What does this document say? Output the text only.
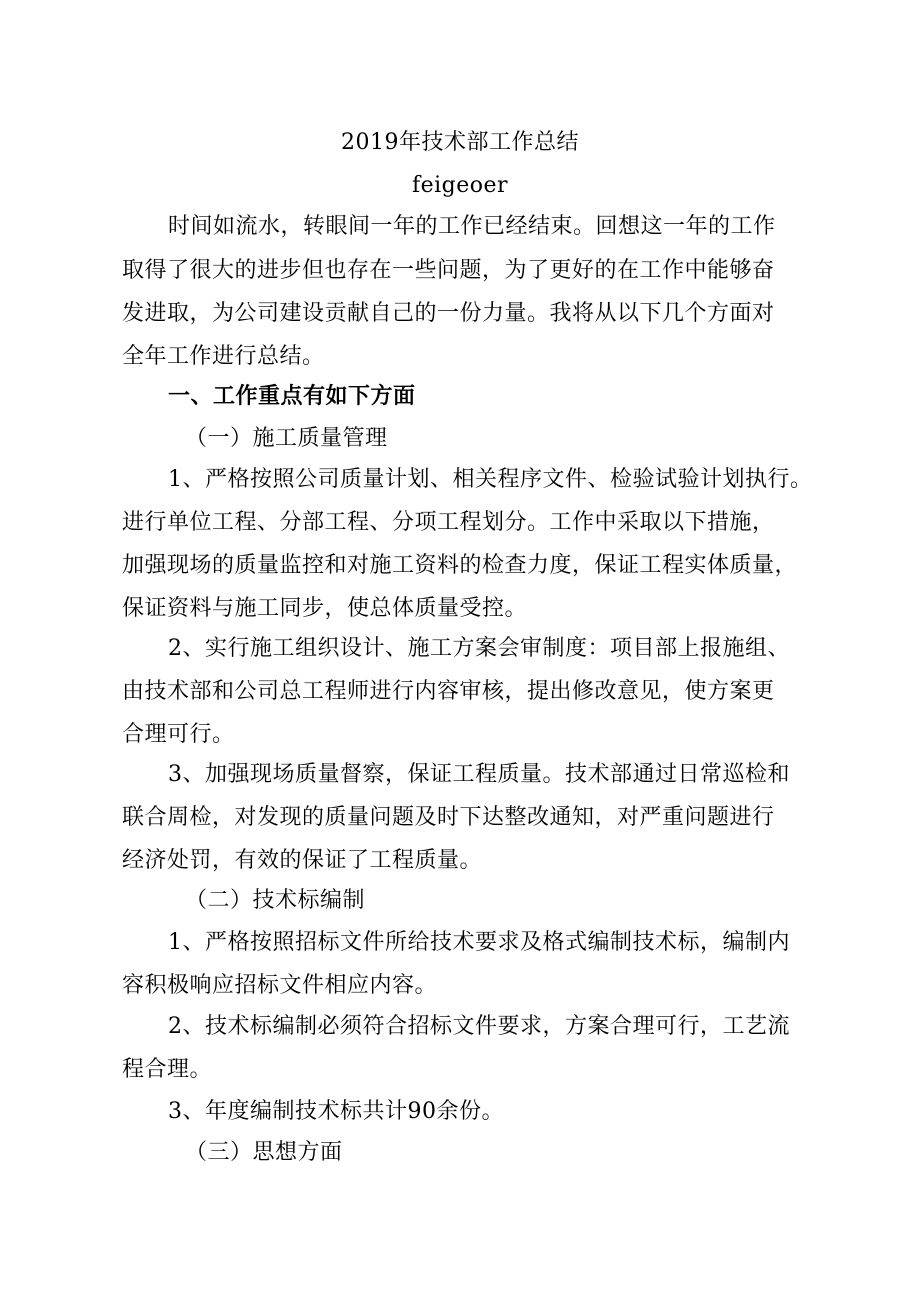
2019年技术部工作总结

feigeoer

时间如流水，转眼间一年的工作已经结束。回想这一年的工作

取得了很大的进步但也存在一些问题，为了更好的在工作中能够奋

发进取，为公司建设贡献自己的一份力量。我将从以下几个方面对

全年工作进行总结。

一、工作重点有如下方面

（一）施工质量管理

1、严格按照公司质量计划、相关程序文件、检验试验计划执行。

进行单位工程、分部工程、分项工程划分。工作中采取以下措施，

加强现场的质量监控和对施工资料的检查力度，保证工程实体质量，

保证资料与施工同步，使总体质量受控。

2、实行施工组织设计、施工方案会审制度：项目部上报施组、

由技术部和公司总工程师进行内容审核，提出修改意见，使方案更

合理可行。

3、加强现场质量督察，保证工程质量。技术部通过日常巡检和

联合周检，对发现的质量问题及时下达整改通知，对严重问题进行

经济处罚，有效的保证了工程质量。

（二）技术标编制

1、严格按照招标文件所给技术要求及格式编制技术标，编制内

容积极响应招标文件相应内容。

2、技术标编制必须符合招标文件要求，方案合理可行，工艺流

程合理。

3、年度编制技术标共计90余份。

（三）思想方面
